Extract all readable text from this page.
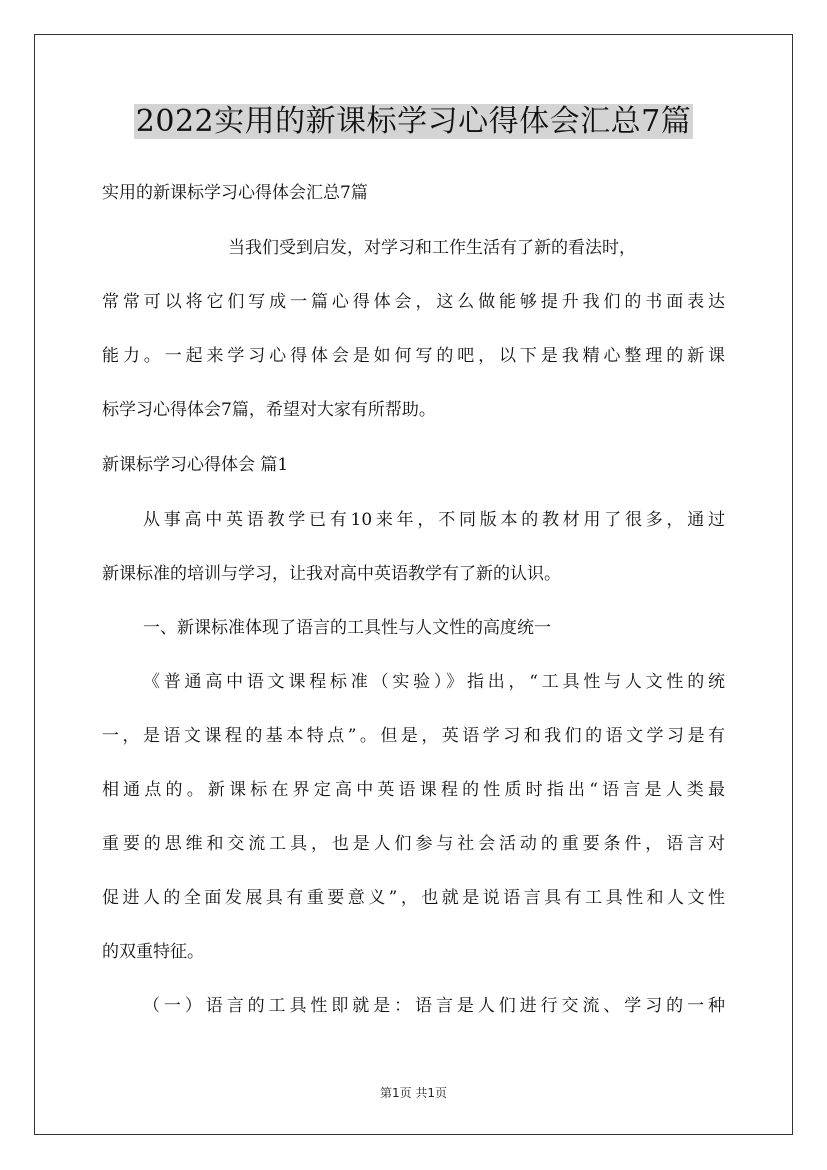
2022实用的新课标学习心得体会汇总7篇
实用的新课标学习心得体会汇总7篇
当我们受到启发，对学习和工作生活有了新的看法时，
常常可以将它们写成一篇心得体会，这么做能够提升我们的书面表达
能力。一起来学习心得体会是如何写的吧，以下是我精心整理的新课
标学习心得体会7篇，希望对大家有所帮助。
新课标学习心得体会 篇1
从事高中英语教学已有10来年，不同版本的教材用了很多，通过
新课标准的培训与学习，让我对高中英语教学有了新的认识。
一、新课标准体现了语言的工具性与人文性的高度统一
《普通高中语文课程标准（实验）》指出，“工具性与人文性的统
一，是语文课程的基本特点”。但是，英语学习和我们的语文学习是有
相通点的。新课标在界定高中英语课程的性质时指出“语言是人类最
重要的思维和交流工具，也是人们参与社会活动的重要条件，语言对
促进人的全面发展具有重要意义”，也就是说语言具有工具性和人文性
的双重特征。
（一）语言的工具性即就是：语言是人们进行交流、学习的一种
第1页 共1页
